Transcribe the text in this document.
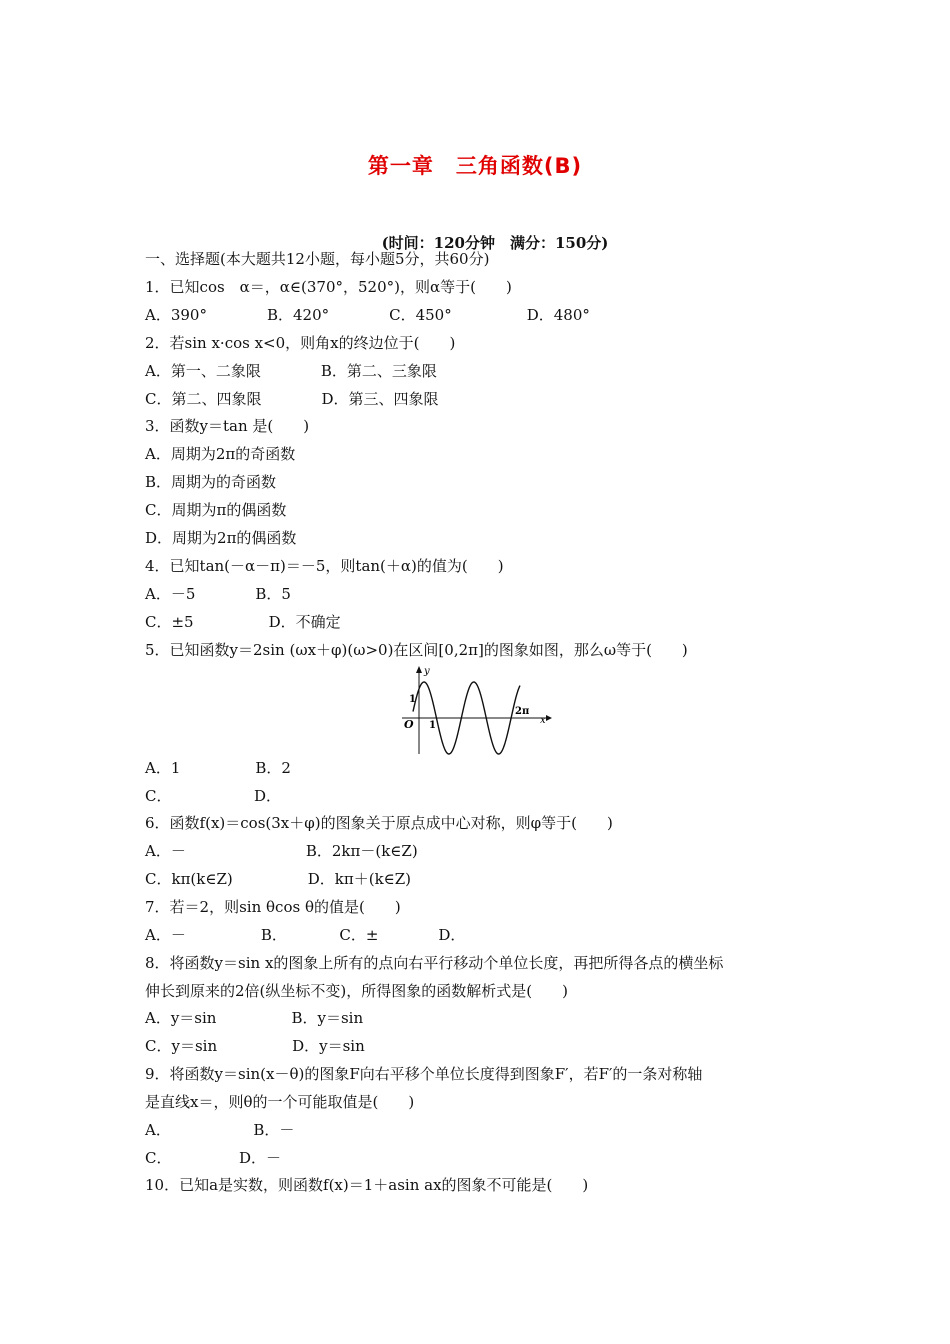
第一章　三角函数(B)
(时间：120分钟　满分：150分)
一、选择题(本大题共12小题，每小题5分，共60分)
1．已知cos　α＝，α∈(370°，520°)，则α等于(　　)
A．390°　　　　B．420°　　　　C．450°　　　　　D．480°
2．若sin x·cos x<0，则角x的终边位于(　　)
A．第一、二象限　　　　B．第二、三象限
C．第二、四象限　　　　D．第三、四象限
3．函数y＝tan 是(　　)
A．周期为2π的奇函数
B．周期为的奇函数
C．周期为π的偶函数
D．周期为2π的偶函数
4．已知tan(－α－π)＝－5，则tan(＋α)的值为(　　)
A．－5　　　　B．5
C．±5　　　　　D．不确定
5．已知函数y＝2sin (ωx＋φ)(ω>0)在区间[0,2π]的图象如图，那么ω等于(　　)
y
x
O
1
1
2π
A．1　　　　　B．2
C．　　　　　　D．
6．函数f(x)＝cos(3x＋φ)的图象关于原点成中心对称，则φ等于(　　)
A．－　　　　　　　　B．2kπ－(k∈Z)
C．kπ(k∈Z)　　　　　D．kπ＋(k∈Z)
7．若＝2，则sin θcos θ的值是(　　)
A．－　　　　　B．　　　　C．±　　　　D．
8．将函数y＝sin x的图象上所有的点向右平行移动个单位长度，再把所得各点的横坐标
伸长到原来的2倍(纵坐标不变)，所得图象的函数解析式是(　　)
A．y＝sin　　　　　B．y＝sin
C．y＝sin　　　　　D．y＝sin
9．将函数y＝sin(x－θ)的图象F向右平移个单位长度得到图象F′，若F′的一条对称轴
是直线x＝，则θ的一个可能取值是(　　)
A．　　　　　　B．－
C．　　　　　D．－
10．已知a是实数，则函数f(x)＝1＋asin ax的图象不可能是(　　)
